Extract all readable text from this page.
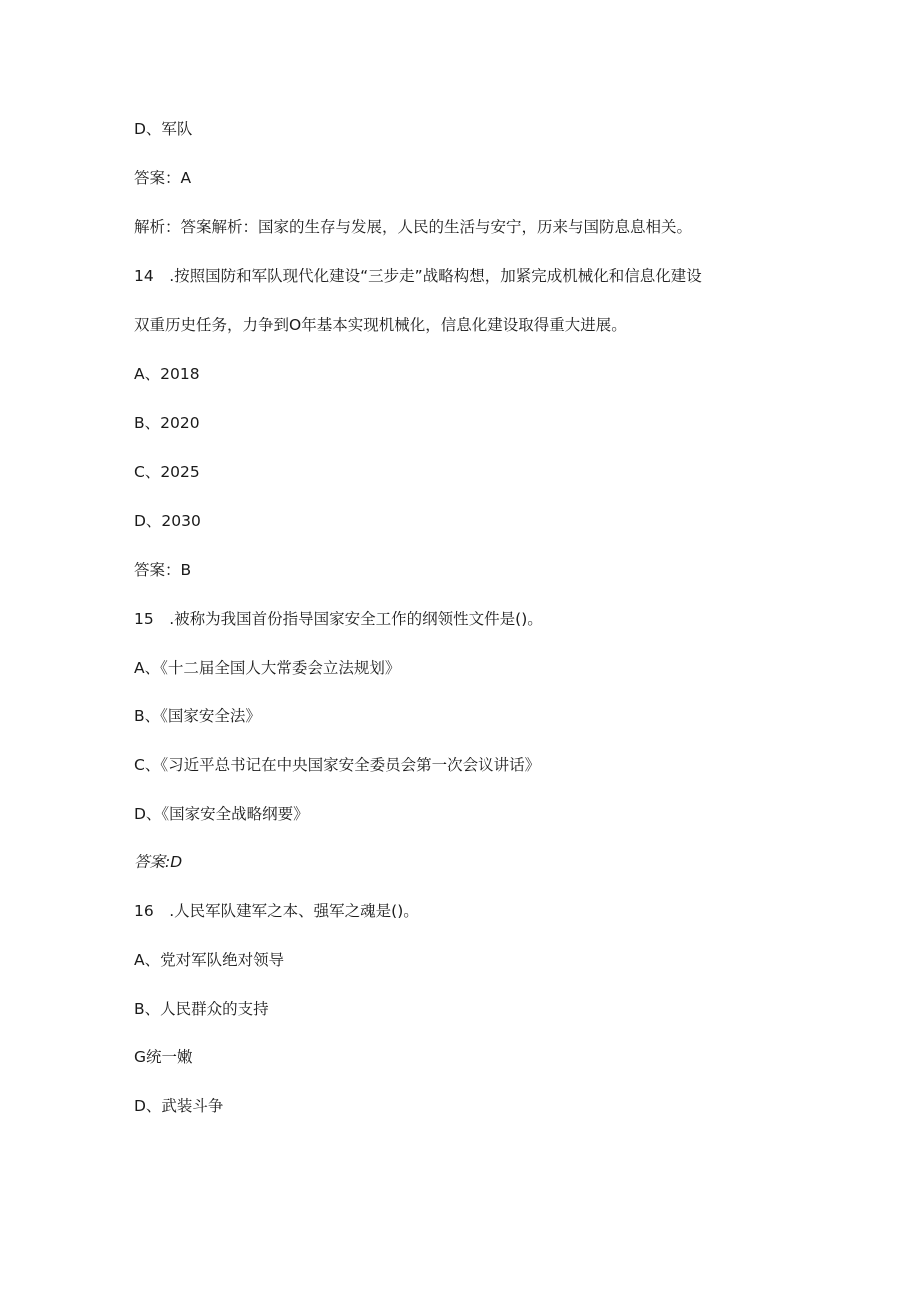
D、军队
答案：A
解析：答案解析：国家的生存与发展，人民的生活与安宁，历来与国防息息相关。
14　.按照国防和军队现代化建设“三步走”战略构想，加紧完成机械化和信息化建设
双重历史任务，力争到O年基本实现机械化，信息化建设取得重大进展。
A、2018
B、2020
C、2025
D、2030
答案：B
15　.被称为我国首份指导国家安全工作的纲领性文件是()。
A、《十二届全国人大常委会立法规划》
B、《国家安全法》
C、《习近平总书记在中央国家安全委员会第一次会议讲话》
D、《国家安全战略纲要》
答案:D
16　.人民军队建军之本、强军之魂是()。
A、党对军队绝对领导
B、人民群众的支持
G统一嫩
D、武装斗争
